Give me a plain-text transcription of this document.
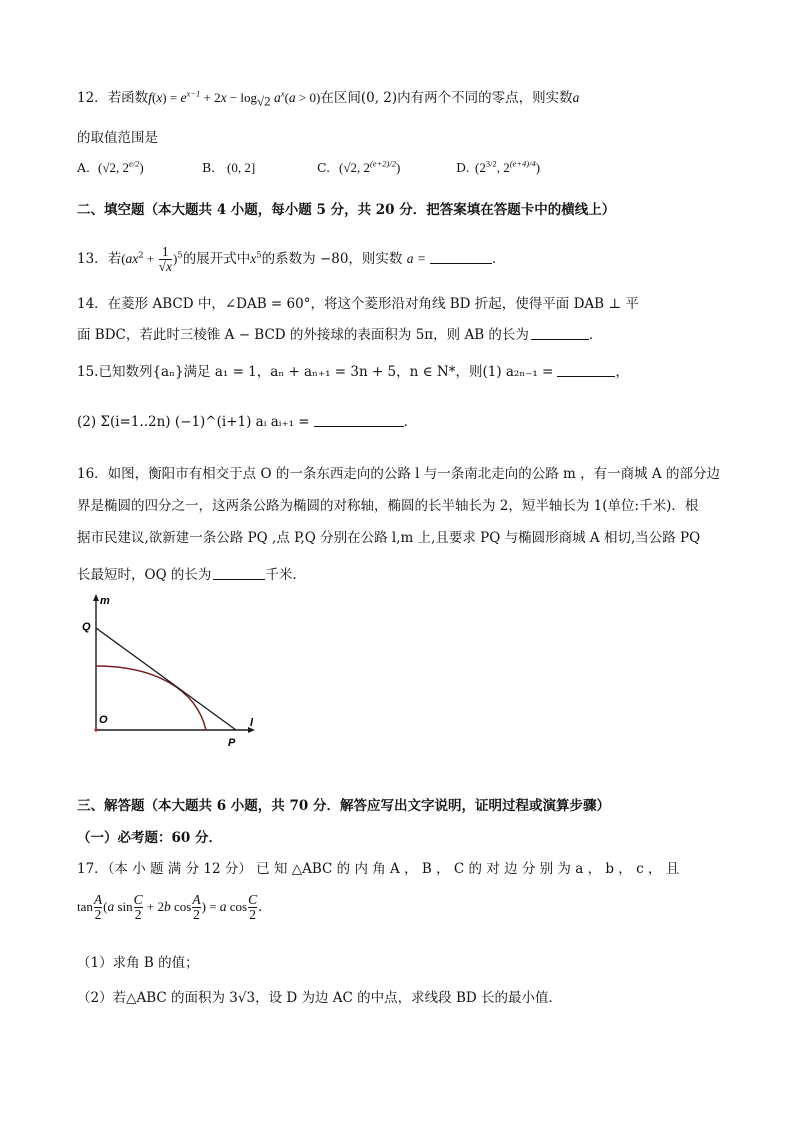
12．若函数$f(x) = e^{x-1} + 2x - \log_{√2} a^x(a > 0)$在区间(0, 2)内有两个不同的零点，则实数a
的取值范围是
A. (√2, $2^{e/2}$)	B. (0, 2]	C. (√2, $2^{(e+2)/2}$)	D. ($2^{3/2}$, $2^{(e+4)/4}$)
二、填空题（本大题共 4 小题，每小题 5 分，共 20 分．把答案填在答题卡中的横线上）
13．若$(ax^2 + \frac{1}{√x} )^5$的展开式中$x^5$的系数为 −80，则实数 a =	．
14．在菱形 ABCD 中，∠DAB = 60°，将这个菱形沿对角线 BD 折起，使得平面 DAB ⊥ 平
面 BDC，若此时三棱锥 A − BCD 的外接球的表面积为 5π，则 AB 的长为	．
15.已知数列{aₙ}满足 a₁ = 1，aₙ + aₙ₊₁ = 3n + 5，n ∈ N*，则(1) a₂ₙ₋₁ =	，
(2) Σ(i=1..2n) (−1)^(i+1) aᵢ aᵢ₊₁ =	．
16．如图，衡阳市有相交于点 O 的一条东西走向的公路 l 与一条南北走向的公路 m ，有一商城 A 的部分边
界是椭圆的四分之一，这两条公路为椭圆的对称轴，椭圆的长半轴长为 2，短半轴长为 1(单位:千米)．根
据市民建议,欲新建一条公路 PQ ,点 P,Q 分别在公路 l,m 上,且要求 PQ 与椭圆形商城 A 相切,当公路 PQ
长最短时，OQ 的长为	千米.
m
Q
O	l
P
三、解答题（本大题共 6 小题，共 70 分．解答应写出文字说明，证明过程或演算步骤）
（一）必考题：60 分．
17．（本 小 题 满 分 12 分） 已 知 △ABC 的 内 角 A ， B ， C 的 对 边 分 别 为 a ， b ， c ， 且
$\tan \frac{A}{2} (a$ $\sin \frac{C}{2} + 2b$ $\cos \frac{A}{2}$ ) = a $\cos \frac{C}{2}$ ．
（1）求角 B 的值；
（2）若△ABC 的面积为 3√3，设 D 为边 AC 的中点，求线段 BD 长的最小值．
